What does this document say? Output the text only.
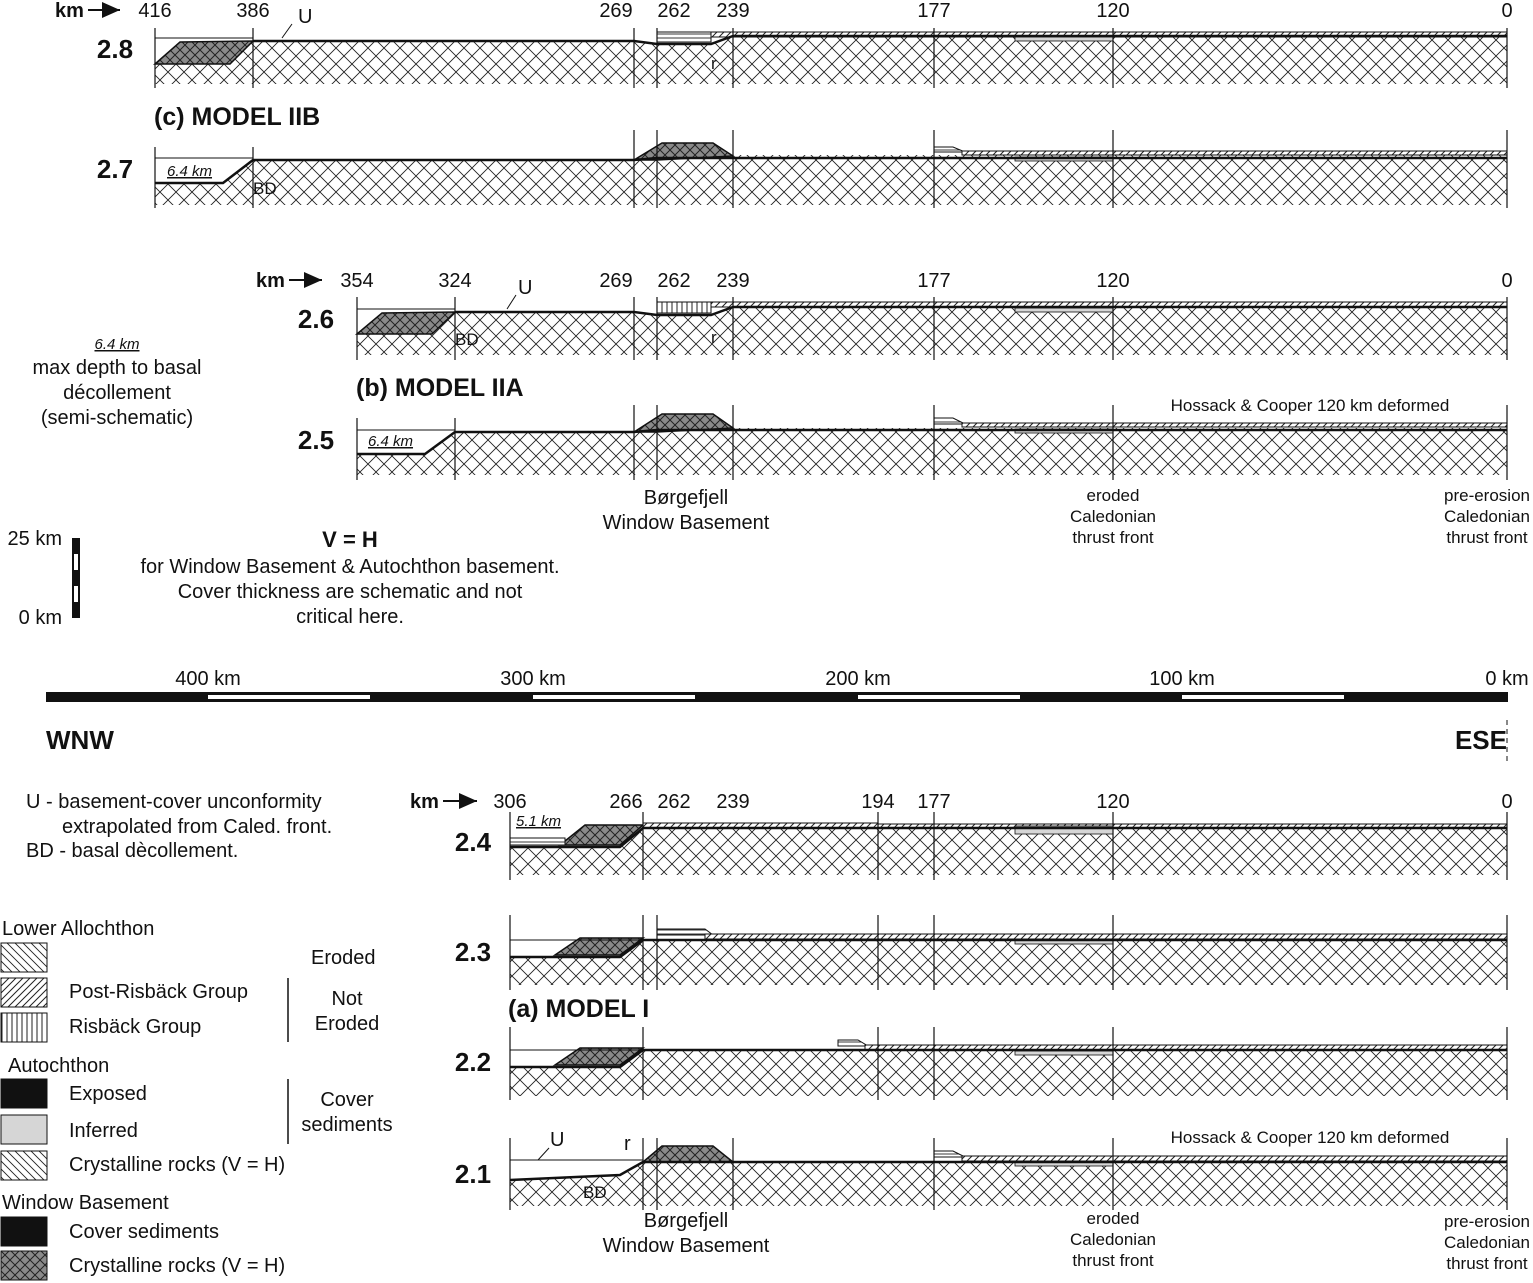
km	416	386	269 262 239	177	120	0
2.8
U
r
(c) MODEL IIB
2.7 6.4 km
BD
km	354	324	269 262 239	177	120	0
2.6
U
BD	r
(b) MODEL IIA
Hossack & Cooper 120 km deformed
2.5 6.4 km
Børgefjell
Window Basement
eroded
Caledonian
thrust front
pre-erosion
Caledonian
thrust front
6.4 km
max depth to basal
décollement
(semi-schematic)
25 km
0 km
V = H
for Window Basement & Autochthon basement.
Cover thickness are schematic and not
critical here.
400 km	300 km	200 km	100 km	0 km
WNW	ESE
U - basement-cover unconformity
extrapolated from Caled. front.
BD - basal dècollement.
km	306	266 262 239	194 177	120	0
2.4
5.1 km
2.3
(a) MODEL I
2.2
Hossack & Cooper 120 km deformed
2.1
U
BD
r
Børgefjell
Window Basement
eroded
Caledonian
thrust front
pre-erosion
Caledonian
thrust front
Lower Allochthon
Eroded
Post-Risbäck Group
Risbäck Group
Not
Eroded
Autochthon
Exposed
Inferred
Crystalline rocks (V = H)
Cover
sediments
Window Basement
Cover sediments
Crystalline rocks (V = H)
